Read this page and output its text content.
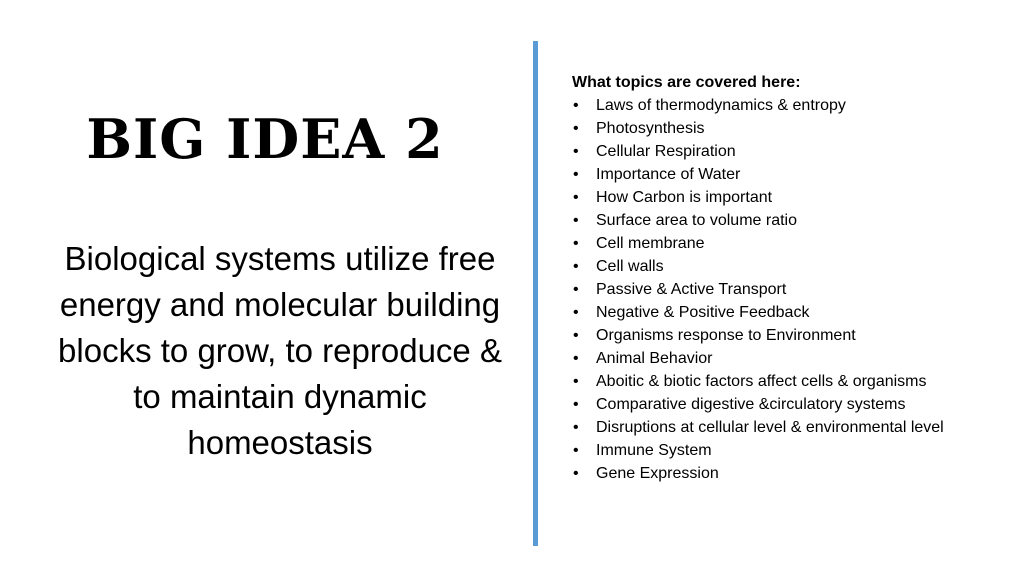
BIG IDEA 2
Biological systems utilize free energy and molecular building blocks to grow, to reproduce & to maintain dynamic homeostasis
What topics are covered here:
• Laws of thermodynamics & entropy
• Photosynthesis
• Cellular Respiration
• Importance of Water
• How Carbon is important
• Surface area to volume ratio
• Cell membrane
• Cell walls
• Passive & Active Transport
• Negative & Positive Feedback
• Organisms response to Environment
• Animal Behavior
• Aboitic & biotic factors affect cells & organisms
• Comparative digestive &circulatory systems
• Disruptions at cellular level & environmental level
• Immune System
• Gene Expression
